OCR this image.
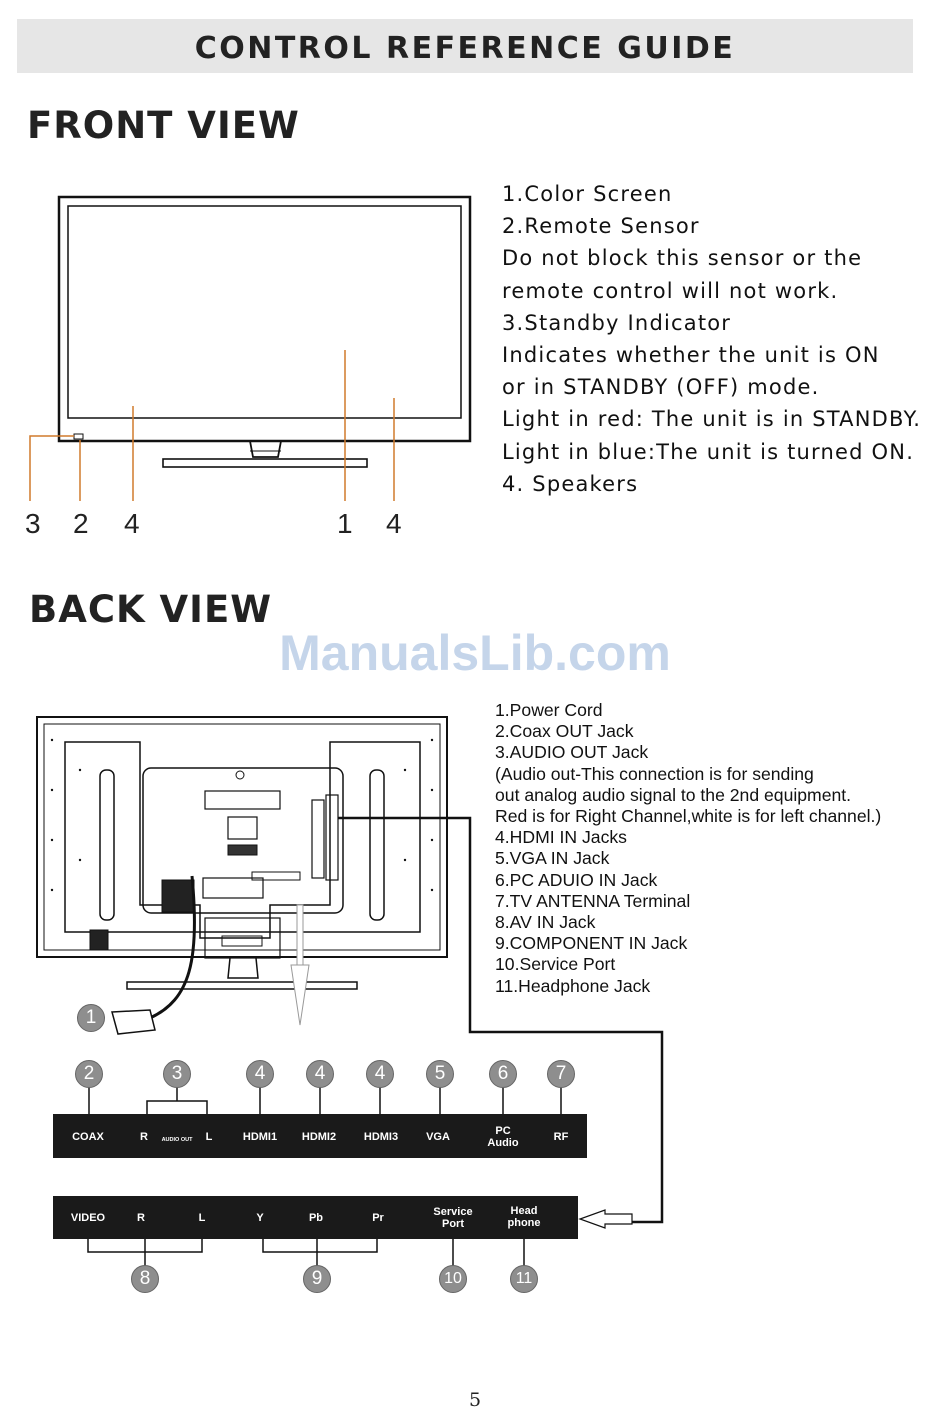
CONTROL REFERENCE GUIDE
FRONT VIEW
3 2 4	1 4
1.Color Screen
2.Remote Sensor
Do not block this sensor or the
remote control will not work.
3.Standby Indicator
Indicates whether the unit is ON
or in STANDBY (OFF) mode.
Light in red: The unit is in STANDBY.
Light in blue:The unit is turned ON.
4. Speakers
BACK VIEW
ManualsLib.com
1
2	3	4	4	4	5	6	7
COAX	R AUDIO OUT L	HDMI1 HDMI2	HDMI3	VGA	PC
Audio	RF
VIDEO	R	L	Y	Pb	Pr	Service
Port
Head
phone
8	9	10	11
1.Power Cord
2.Coax OUT Jack
3.AUDIO OUT Jack
(Audio out-This connection is for sending
out analog audio signal to the 2nd equipment.
Red is for Right Channel,white is for left channel.)
4.HDMI IN Jacks
5.VGA IN Jack
6.PC ADUIO IN Jack
7.TV ANTENNA Terminal
8.AV IN Jack
9.COMPONENT IN Jack
10.Service Port
11.Headphone Jack
5
